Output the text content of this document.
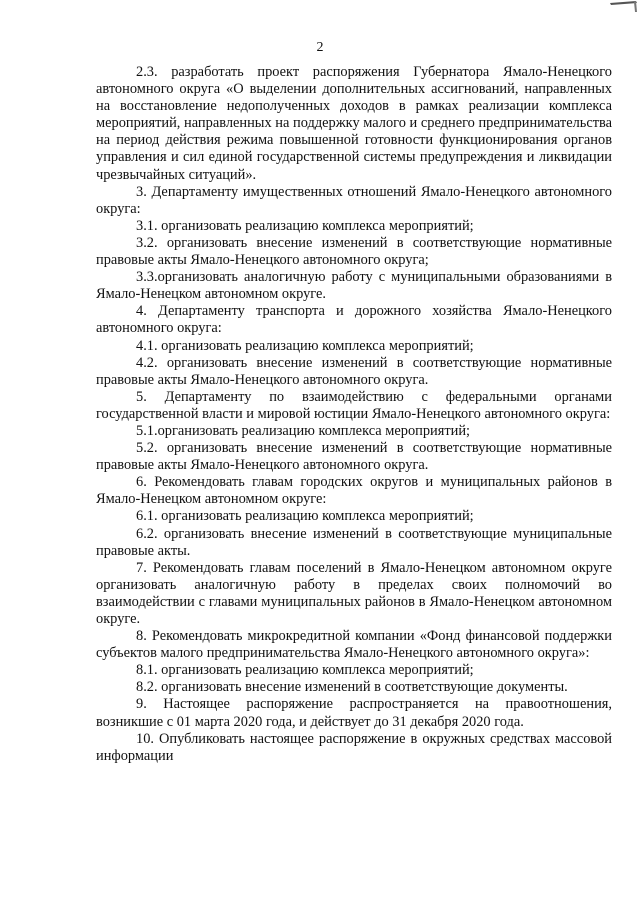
2

2.3. разработать проект распоряжения Губернатора Ямало-Ненецкого автономного округа «О выделении дополнительных ассигнований, направленных на восстановление недополученных доходов в рамках реализации комплекса мероприятий, направленных на поддержку малого и среднего предпринимательства на период действия режима повышенной готовности функционирования органов управления и сил единой государственной системы предупреждения и ликвидации чрезвычайных ситуаций».

3. Департаменту имущественных отношений Ямало-Ненецкого автономного округа:

3.1. организовать реализацию комплекса мероприятий;

3.2. организовать внесение изменений в соответствующие нормативные правовые акты Ямало-Ненецкого автономного округа;

3.3.организовать аналогичную работу с муниципальными образованиями в Ямало-Ненецком автономном округе.

4. Департаменту транспорта и дорожного хозяйства Ямало-Ненецкого автономного округа:

4.1. организовать реализацию комплекса мероприятий;

4.2. организовать внесение изменений в соответствующие нормативные правовые акты Ямало-Ненецкого автономного округа.

5. Департаменту по взаимодействию с федеральными органами государственной власти и мировой юстиции Ямало-Ненецкого автономного округа:

5.1.организовать реализацию комплекса мероприятий;

5.2. организовать внесение изменений в соответствующие нормативные правовые акты Ямало-Ненецкого автономного округа.

6. Рекомендовать главам городских округов и муниципальных районов в Ямало-Ненецком автономном округе:

6.1. организовать реализацию комплекса мероприятий;

6.2. организовать внесение изменений в соответствующие муниципальные правовые акты.

7. Рекомендовать главам поселений в Ямало-Ненецком автономном округе организовать аналогичную работу в пределах своих полномочий во взаимодействии с главами муниципальных районов в Ямало-Ненецком автономном округе.

8. Рекомендовать микрокредитной компании «Фонд финансовой поддержки субъектов малого предпринимательства Ямало-Ненецкого автономного округа»:

8.1. организовать реализацию комплекса мероприятий;

8.2. организовать внесение изменений в соответствующие документы.

9. Настоящее распоряжение распространяется на правоотношения, возникшие с 01 марта 2020 года, и действует до 31 декабря 2020 года.

10. Опубликовать настоящее распоряжение в окружных средствах массовой информации
